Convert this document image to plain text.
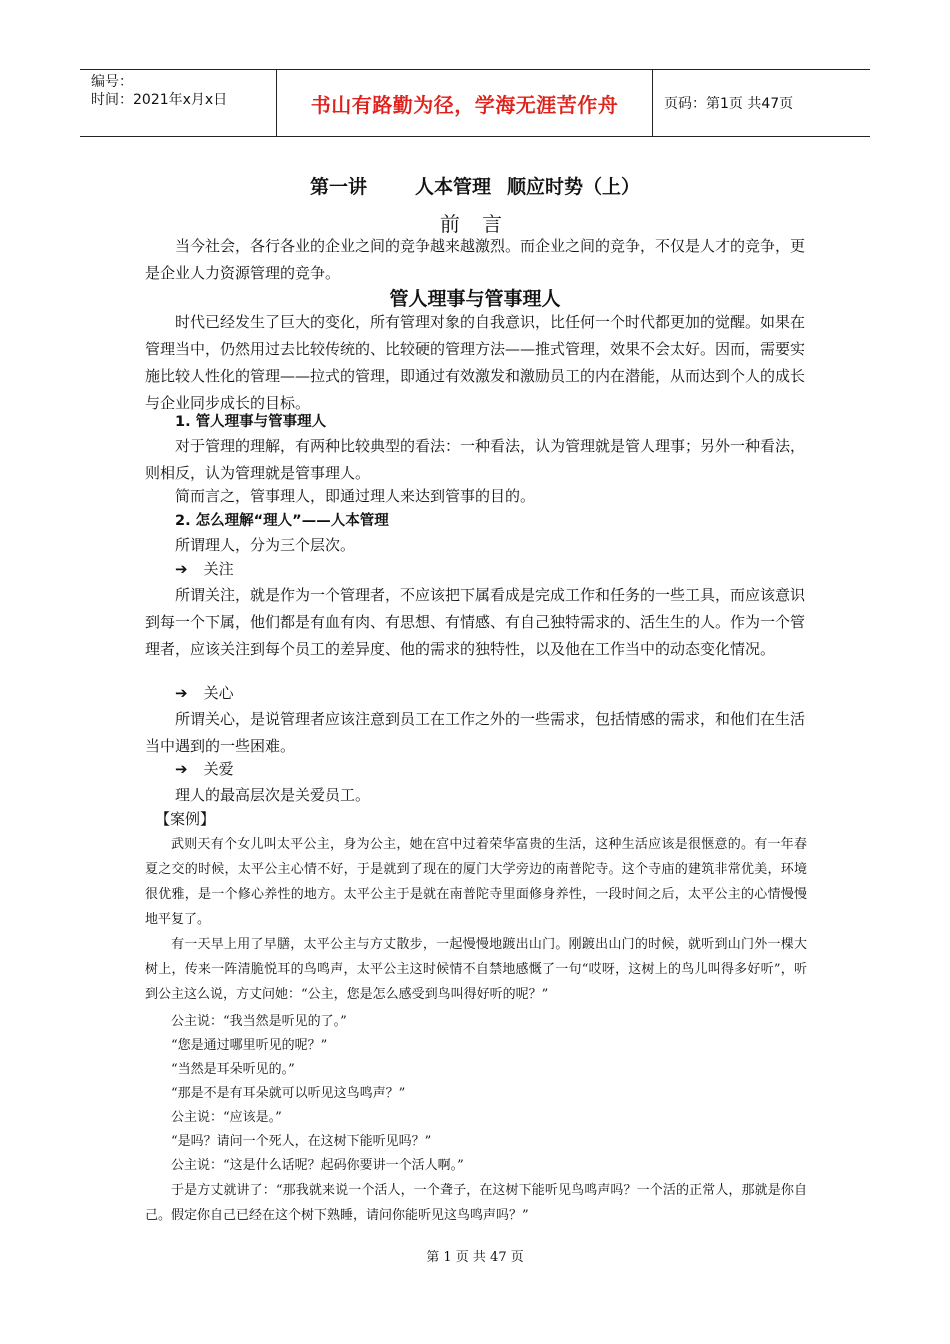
编号：
时间：2021年x月x日	书山有路勤为径，学海无涯苦作舟	页码：第1页 共47页
第一讲	人本管理 顺应时势（上）
前 言
当今社会，各行各业的企业之间的竞争越来越激烈。而企业之间的竞争，不仅是人才的竞争，更是企业人力资源管理的竞争。
管人理事与管事理人
时代已经发生了巨大的变化，所有管理对象的自我意识，比任何一个时代都更加的觉醒。如果在管理当中，仍然用过去比较传统的、比较硬的管理方法——推式管理，效果不会太好。因而，需要实施比较人性化的管理——拉式的管理，即通过有效激发和激励员工的内在潜能，从而达到个人的成长与企业同步成长的目标。
1. 管人理事与管事理人
对于管理的理解，有两种比较典型的看法：一种看法，认为管理就是管人理事；另外一种看法，则相反，认为管理就是管事理人。
简而言之，管事理人，即通过理人来达到管事的目的。
2. 怎么理解“理人”——人本管理
所谓理人，分为三个层次。
➔ 关注
所谓关注，就是作为一个管理者，不应该把下属看成是完成工作和任务的一些工具，而应该意识到每一个下属，他们都是有血有肉、有思想、有情感、有自己独特需求的、活生生的人。作为一个管理者，应该关注到每个员工的差异度、他的需求的独特性，以及他在工作当中的动态变化情况。
➔ 关心
所谓关心，是说管理者应该注意到员工在工作之外的一些需求，包括情感的需求，和他们在生活当中遇到的一些困难。
➔ 关爱
理人的最高层次是关爱员工。
【案例】
武则天有个女儿叫太平公主，身为公主，她在宫中过着荣华富贵的生活，这种生活应该是很惬意的。有一年春夏之交的时候，太平公主心情不好，于是就到了现在的厦门大学旁边的南普陀寺。这个寺庙的建筑非常优美，环境很优雅，是一个修心养性的地方。太平公主于是就在南普陀寺里面修身养性，一段时间之后，太平公主的心情慢慢地平复了。
有一天早上用了早膳，太平公主与方丈散步，一起慢慢地踱出山门。刚踱出山门的时候，就听到山门外一棵大树上，传来一阵清脆悦耳的鸟鸣声，太平公主这时候情不自禁地感慨了一句“哎呀，这树上的鸟儿叫得多好听”，听到公主这么说，方丈问她：“公主，您是怎么感受到鸟叫得好听的呢？”
公主说：“我当然是听见的了。”
“您是通过哪里听见的呢？”
“当然是耳朵听见的。”
“那是不是有耳朵就可以听见这鸟鸣声？”
公主说：“应该是。”
“是吗？请问一个死人，在这树下能听见吗？”
公主说：“这是什么话呢？起码你要讲一个活人啊。”
于是方丈就讲了：“那我就来说一个活人，一个聋子，在这树下能听见鸟鸣声吗？一个活的正常人，那就是你自己。假定你自己已经在这个树下熟睡，请问你能听见这鸟鸣声吗？”
第 1 页 共 47 页
